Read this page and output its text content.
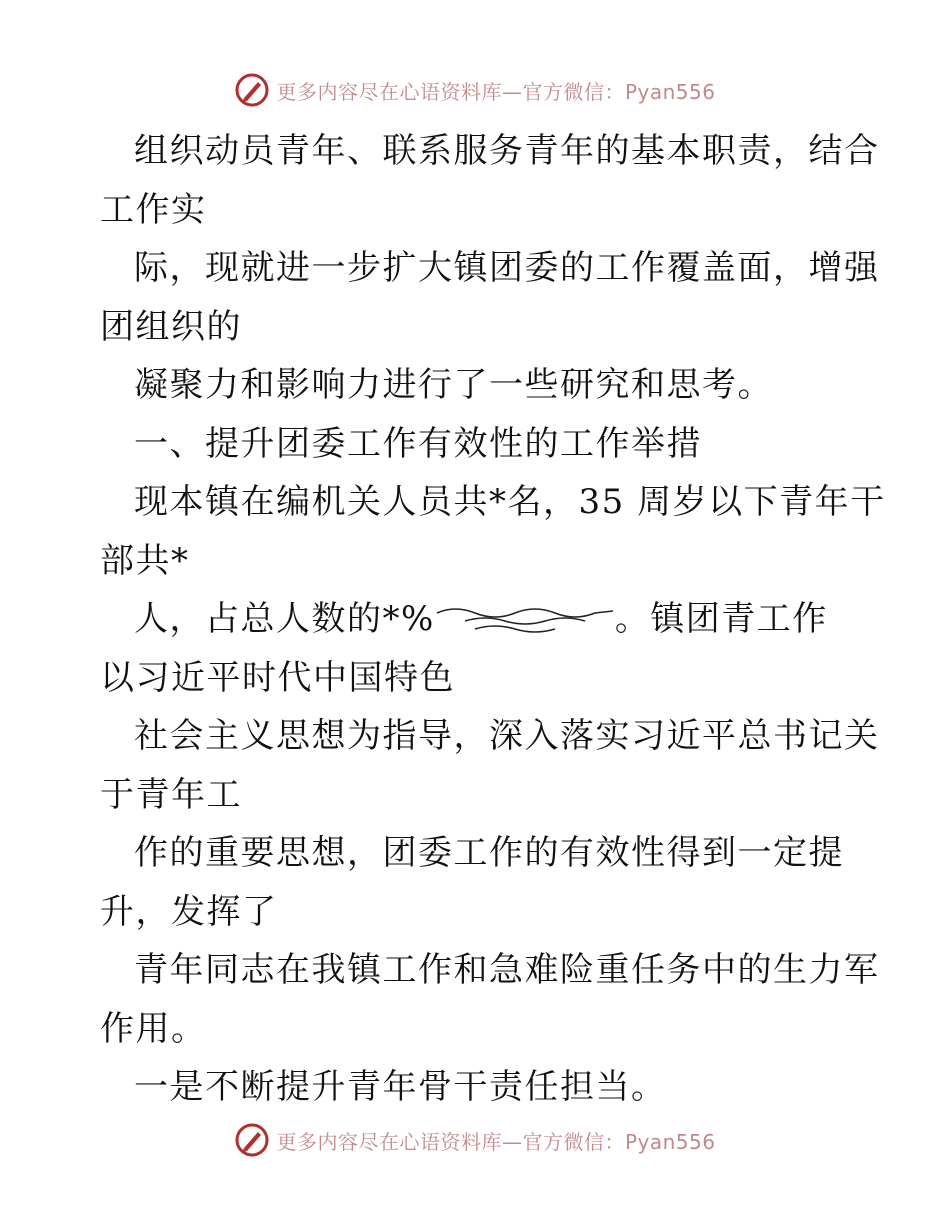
更多内容尽在心语资料库—官方微信：Pyan556

组织动员青年、联系服务青年的基本职责，结合
工作实

际，现就进一步扩大镇团委的工作覆盖面，增强
团组织的

凝聚力和影响力进行了一些研究和思考。

一、提升团委工作有效性的工作举措

现本镇在编机关人员共*名，35 周岁以下青年干
部共*

人，占总人数的*%	。镇团青工作
以习近平时代中国特色

社会主义思想为指导，深入落实习近平总书记关
于青年工

作的重要思想，团委工作的有效性得到一定提
升，发挥了

青年同志在我镇工作和急难险重任务中的生力军
作用。

一是不断提升青年骨干责任担当。

更多内容尽在心语资料库—官方微信：Pyan556
